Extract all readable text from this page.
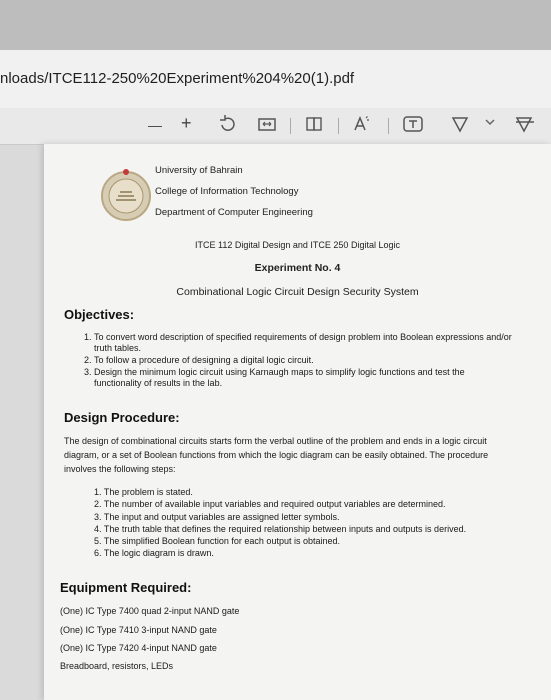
nloads/ITCE112-250%20Experiment%204%20(1).pdf
— +
University of Bahrain
College of Information Technology
Department of Computer Engineering
ITCE 112 Digital Design and ITCE 250 Digital Logic
Experiment No. 4
Combinational Logic Circuit Design Security System
Objectives:
1. To convert word description of specified requirements of design problem into Boolean expressions and/or truth tables.
2. To follow a procedure of designing a digital logic circuit.
3. Design the minimum logic circuit using Karnaugh maps to simplify logic functions and test the functionality of results in the lab.
Design Procedure:
The design of combinational circuits starts form the verbal outline of the problem and ends in a logic circuit diagram, or a set of Boolean functions from which the logic diagram can be easily obtained. The procedure involves the following steps:
1. The problem is stated.
2. The number of available input variables and required output variables are determined.
3. The input and output variables are assigned letter symbols.
4. The truth table that defines the required relationship between inputs and outputs is derived.
5. The simplified Boolean function for each output is obtained.
6. The logic diagram is drawn.
Equipment Required:
(One) IC Type 7400 quad 2-input NAND gate
(One) IC Type 7410 3-input NAND gate
(One) IC Type 7420 4-input NAND gate
Breadboard, resistors, LEDs
